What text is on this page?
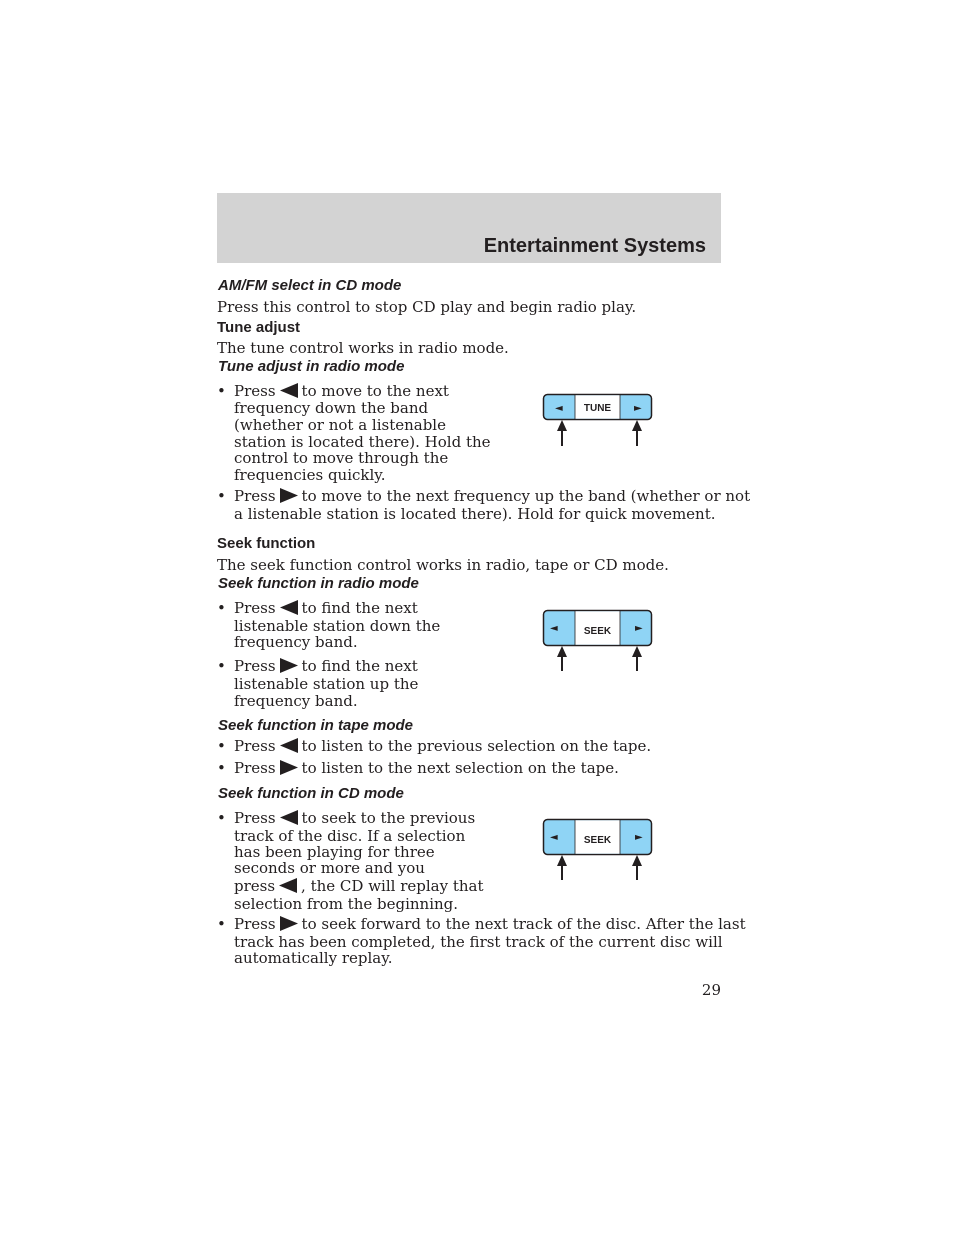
Entertainment Systems
AM/FM select in CD mode
Press this control to stop CD play and begin radio play.
Tune adjust
The tune control works in radio mode.
Tune adjust in radio mode
• Press to move to the next
frequency down the band
(whether or not a listenable
station is located there). Hold the
control to move through the
frequencies quickly.
• Press to move to the next frequency up the band (whether or not
a listenable station is located there). Hold for quick movement.
◄	►
TUNE
Seek function
The seek function control works in radio, tape or CD mode.
Seek function in radio mode
• Press to find the next
listenable station down the
frequency band.
• Press to find the next
listenable station up the
frequency band.
◄	►
SEEK
Seek function in tape mode
• Press to listen to the previous selection on the tape.
• Press to listen to the next selection on the tape.
Seek function in CD mode
• Press to seek to the previous
track of the disc. If a selection
has been playing for three
seconds or more and you
press , the CD will replay that
selection from the beginning.
• Press to seek forward to the next track of the disc. After the last
track has been completed, the first track of the current disc will
automatically replay.
◄	►
SEEK
29
